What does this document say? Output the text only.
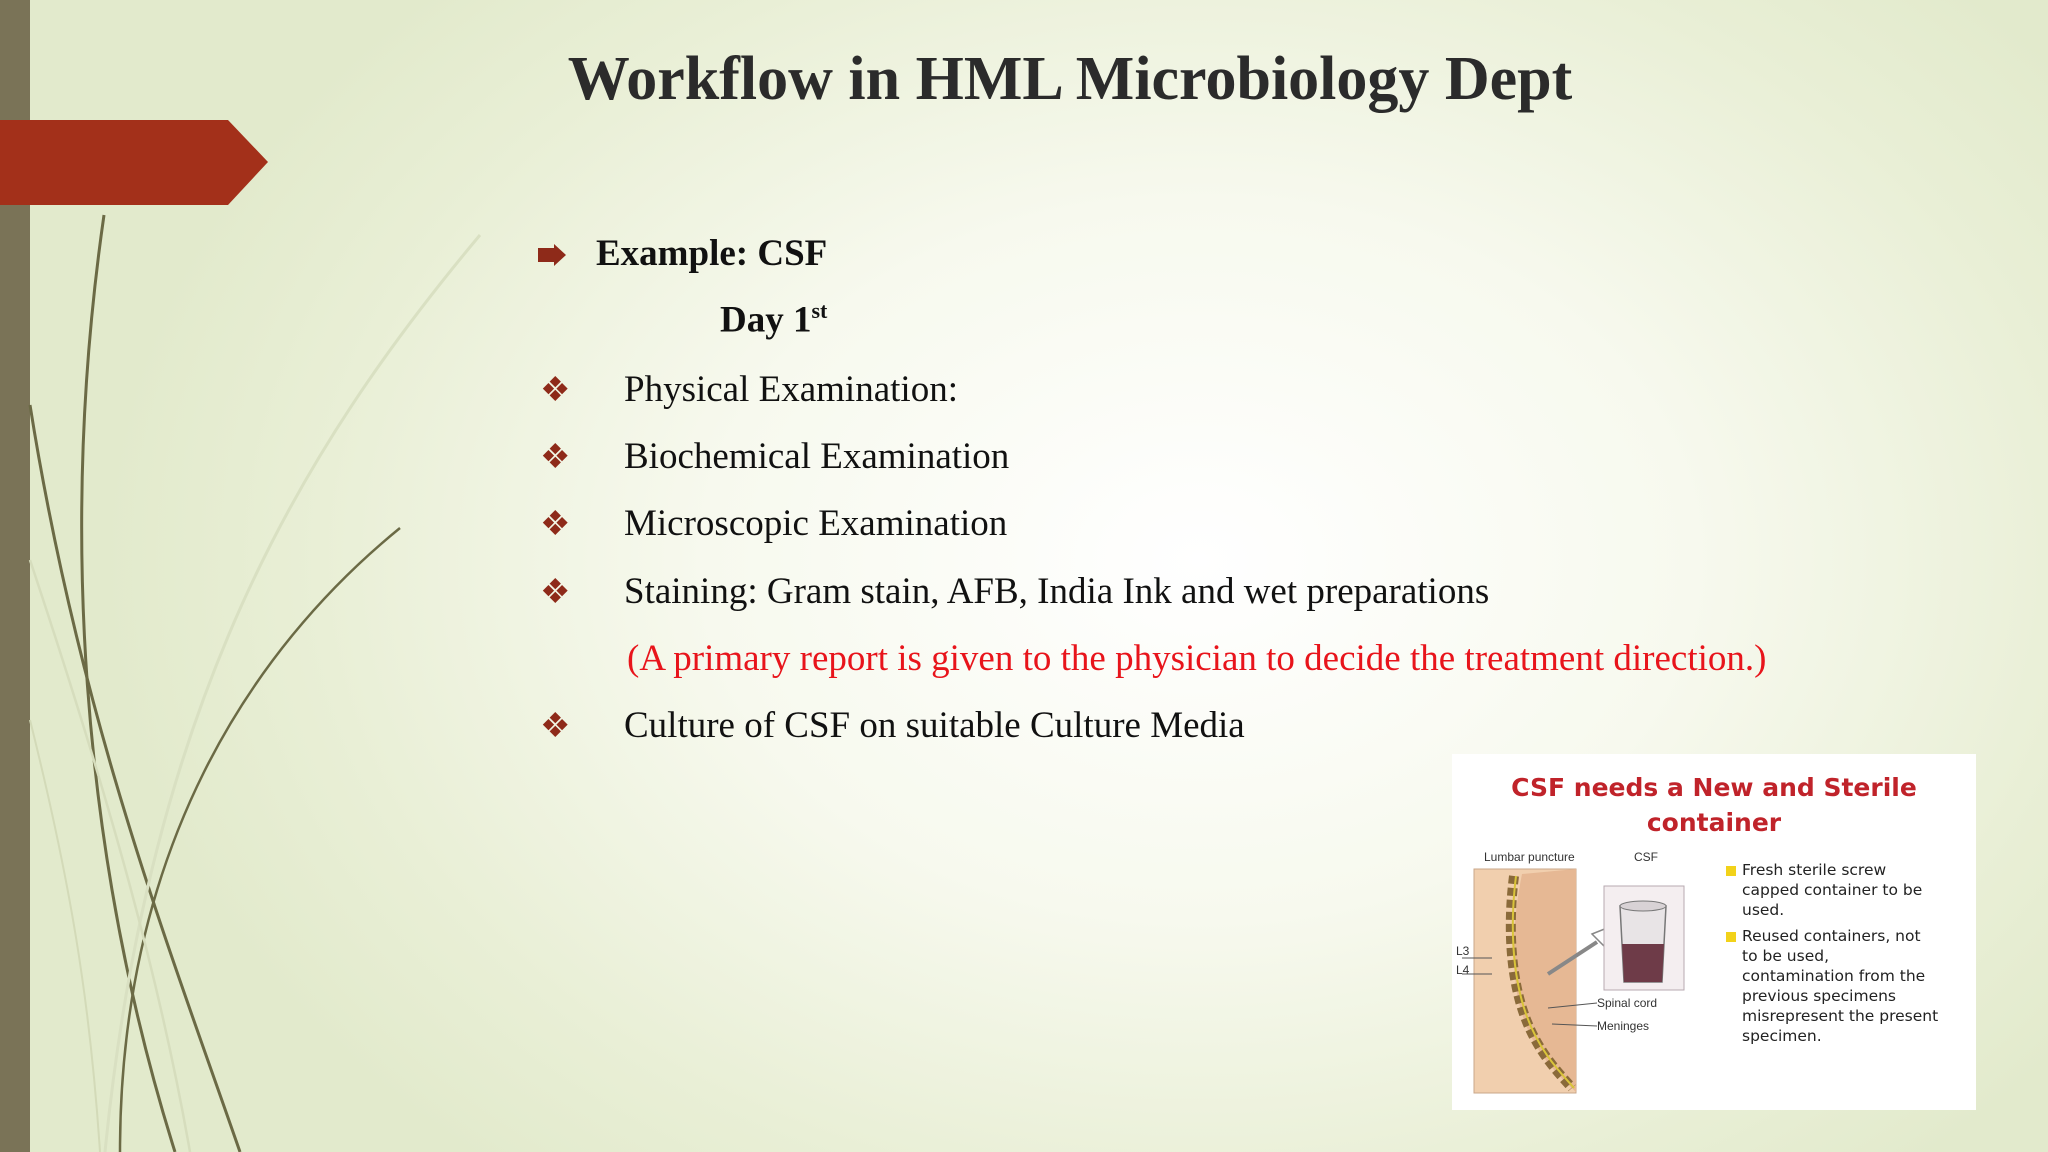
Workflow in HML Microbiology Dept
Example: CSF
Day 1st
❖ Physical Examination:
❖ Biochemical Examination
❖ Microscopic Examination
❖ Staining: Gram stain, AFB, India Ink and wet preparations
(A primary report is given to the physician to decide the treatment direction.)
❖ Culture of CSF on suitable Culture Media
CSF needs a New and Sterile
container
Lumbar puncture	CSF
L3
L4
Spinal cord
Meninges
Fresh sterile screw
capped container to be
used.
Reused containers, not
to be used,
contamination from the
previous specimens
misrepresent the present
specimen.
